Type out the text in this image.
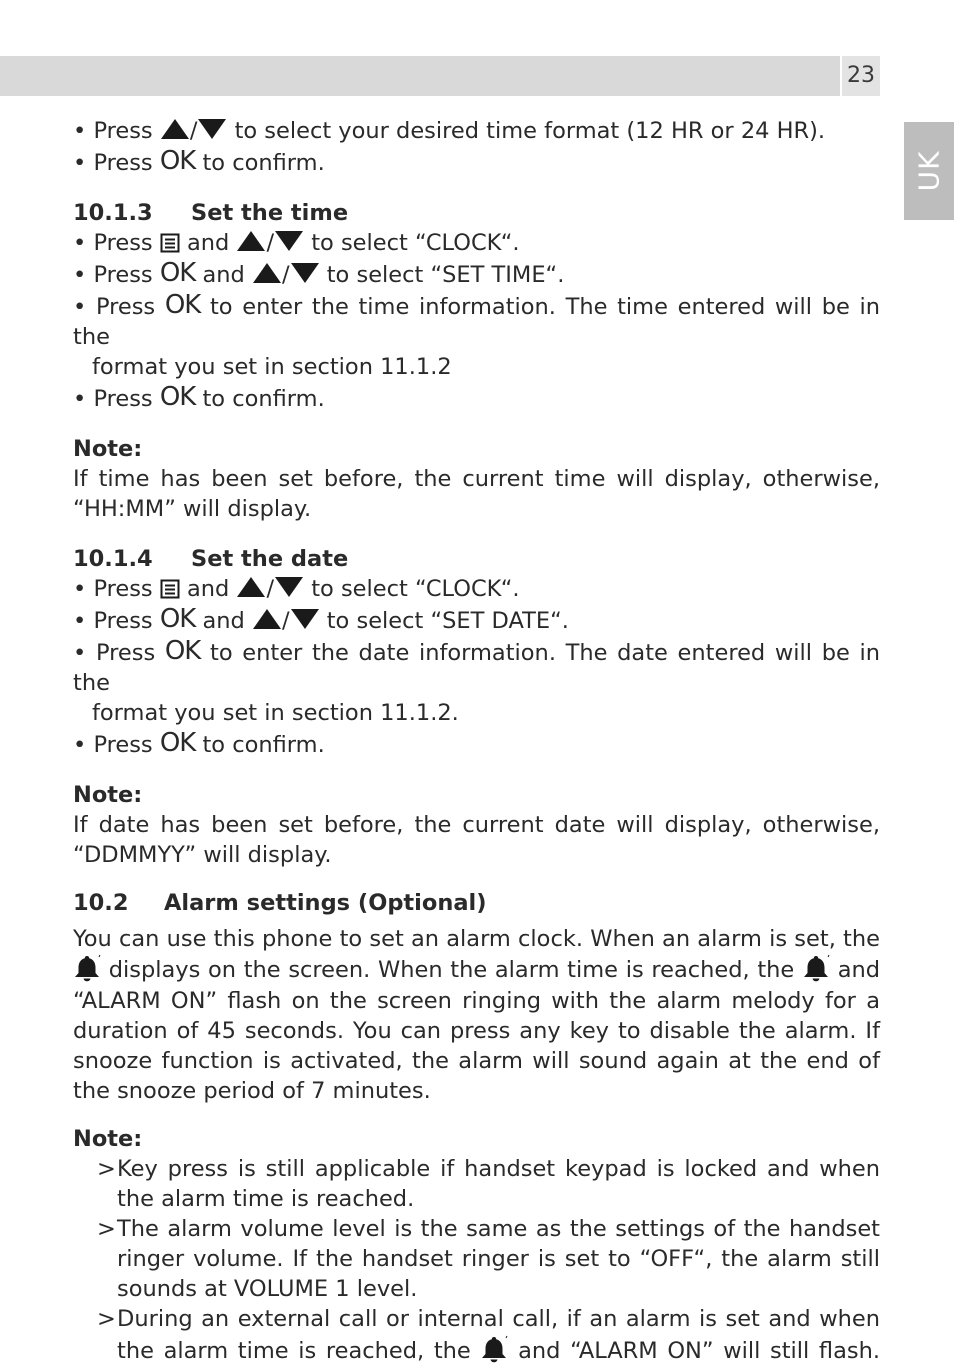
23
UK
• Press / to select your desired time format (12 HR or 24 HR).
• Press OK to confirm.
10.1.3 Set the time
• Press and / to select “CLOCK“.
• Press OK and / to select “SET TIME“.
• Press OK to enter the time information. The time entered will be in the
format you set in section 11.1.2
• Press OK to confirm.
Note:
If time has been set before, the current time will display, otherwise, “HH:MM” will display.
10.1.4 Set the date
• Press and / to select “CLOCK“.
• Press OK and / to select “SET DATE“.
• Press OK to enter the date information. The date entered will be in the
format you set in section 11.1.2.
• Press OK to confirm.
Note:
If date has been set before, the current date will display, otherwise, “DDMMYY” will display.
10.2 Alarm settings (Optional)
You can use this phone to set an alarm clock. When an alarm is set, the
displays on the screen. When the alarm time is reached, the and
“ALARM ON” flash on the screen ringing with the alarm melody for a duration of 45 seconds. You can press any key to disable the alarm. If snooze function is activated, the alarm will sound again at the end of the snooze period of 7 minutes.
Note:
> Key press is still applicable if handset keypad is locked and when the alarm time is reached.
> The alarm volume level is the same as the settings of the handset ringer volume. If the handset ringer is set to “OFF“, the alarm still sounds at VOLUME 1 level.
> During an external call or internal call, if an alarm is set and when
the alarm time is reached, the and “ALARM ON” will still flash.
